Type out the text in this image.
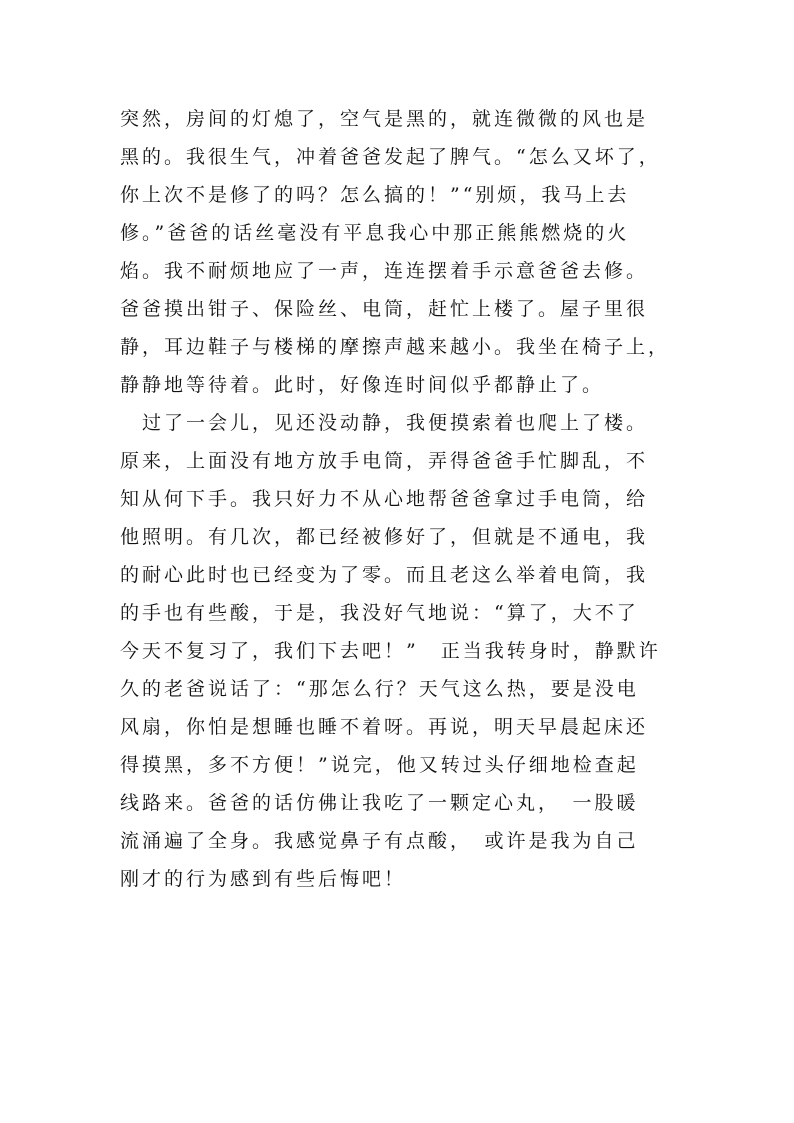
突然，房间的灯熄了，空气是黑的，就连微微的风也是
黑的。我很生气，冲着爸爸发起了脾气。“怎么又坏了，
你上次不是修了的吗？怎么搞的！”“别烦，我马上去
修。”爸爸的话丝毫没有平息我心中那正熊熊燃烧的火
焰。我不耐烦地应了一声，连连摆着手示意爸爸去修。
爸爸摸出钳子、保险丝、电筒，赶忙上楼了。屋子里很
静，耳边鞋子与楼梯的摩擦声越来越小。我坐在椅子上，
静静地等待着。此时，好像连时间似乎都静止了。
　过了一会儿，见还没动静，我便摸索着也爬上了楼。
原来，上面没有地方放手电筒，弄得爸爸手忙脚乱，不
知从何下手。我只好力不从心地帮爸爸拿过手电筒，给
他照明。有几次，都已经被修好了，但就是不通电，我
的耐心此时也已经变为了零。而且老这么举着电筒，我
的手也有些酸，于是，我没好气地说：“算了，大不了
今天不复习了，我们下去吧！”　正当我转身时，静默许
久的老爸说话了：“那怎么行？天气这么热，要是没电
风扇，你怕是想睡也睡不着呀。再说，明天早晨起床还
得摸黑，多不方便！”说完，他又转过头仔细地检查起
线路来。爸爸的话仿佛让我吃了一颗定心丸，　一股暖
流涌遍了全身。我感觉鼻子有点酸，　或许是我为自己
刚才的行为感到有些后悔吧！
